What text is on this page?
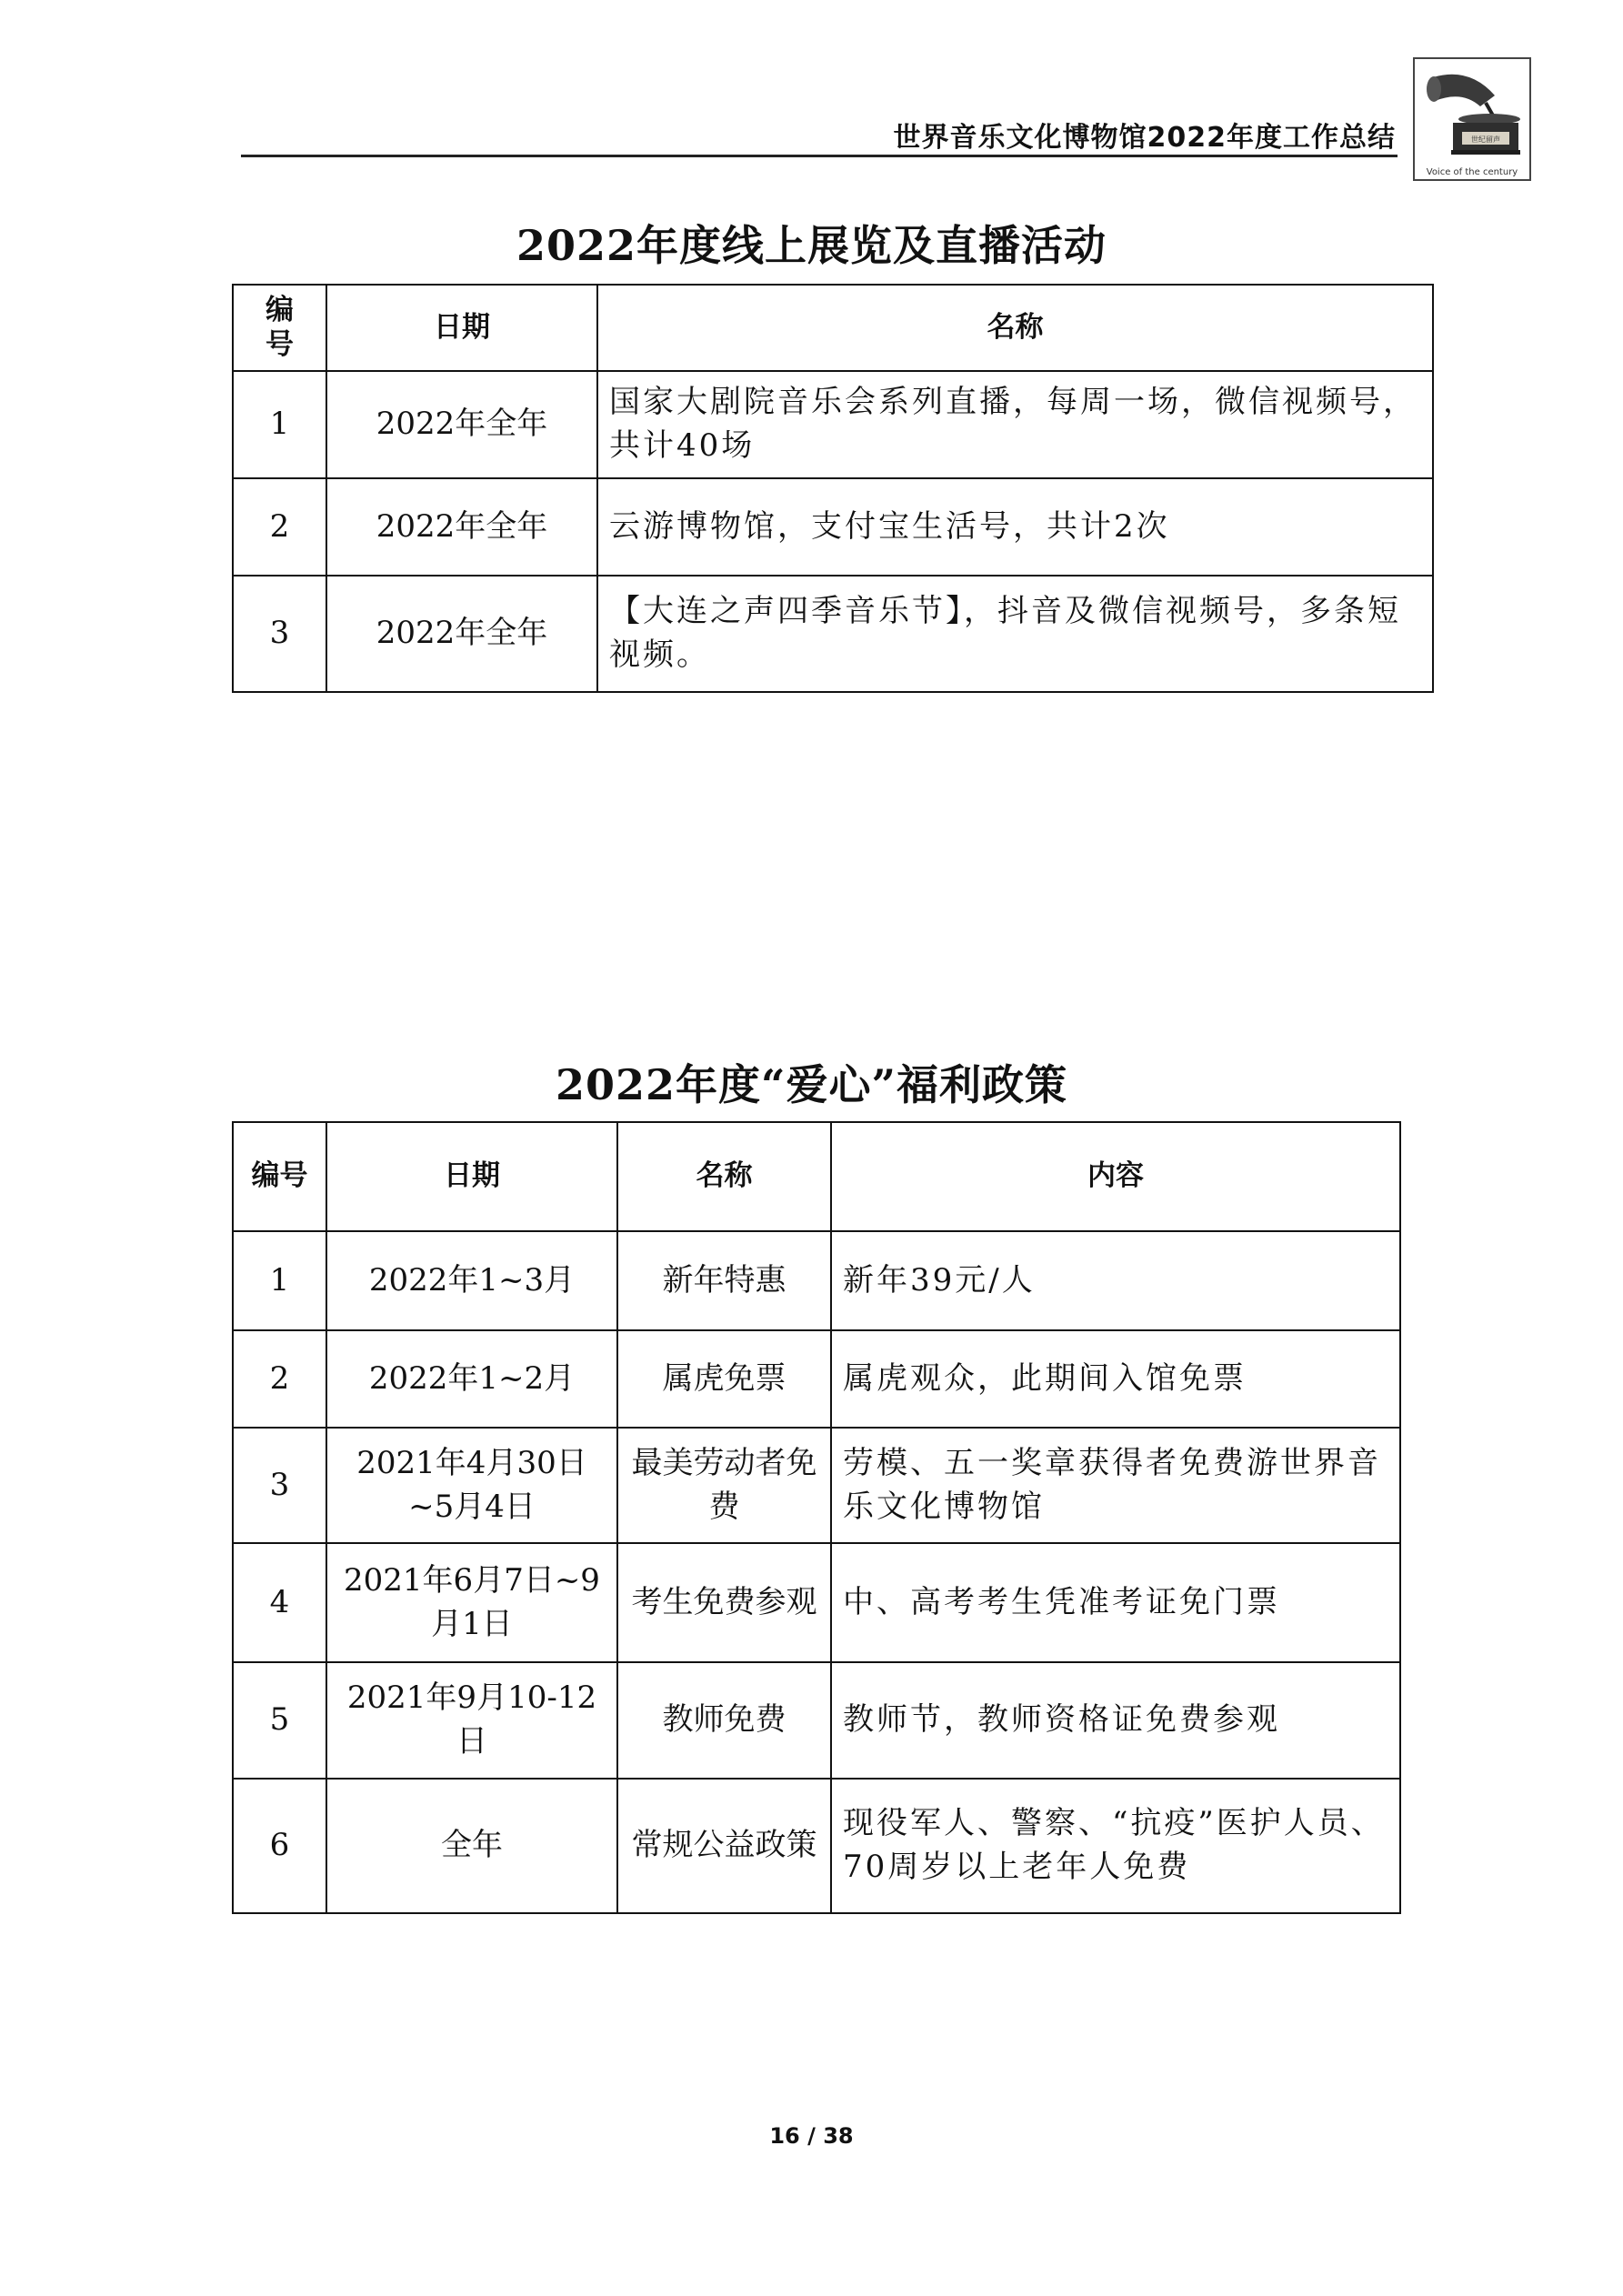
世界音乐文化博物馆2022年度工作总结	世纪留声
Voice of the century
2022年度线上展览及直播活动
编号	日期	名称
1	2022年全年	国家大剧院音乐会系列直播，每周一场，微信视频号，共计40场
2	2022年全年	云游博物馆，支付宝生活号，共计2次
3	2022年全年	【大连之声四季音乐节】，抖音及微信视频号，多条短视频。
2022年度“爱心”福利政策
编号	日期	名称	内容
1	2022年1~3月	新年特惠	新年39元/人
2	2022年1~2月	属虎免票	属虎观众，此期间入馆免票
3	2021年4月30日~5月4日	最美劳动者免费	劳模、五一奖章获得者免费游世界音乐文化博物馆
4	2021年6月7日~9月1日	考生免费参观	中、高考考生凭准考证免门票
5	2021年9月10-12日	教师免费	教师节，教师资格证免费参观
6	全年	常规公益政策	现役军人、警察、“抗疫”医护人员、70周岁以上老年人免费
16 / 38
